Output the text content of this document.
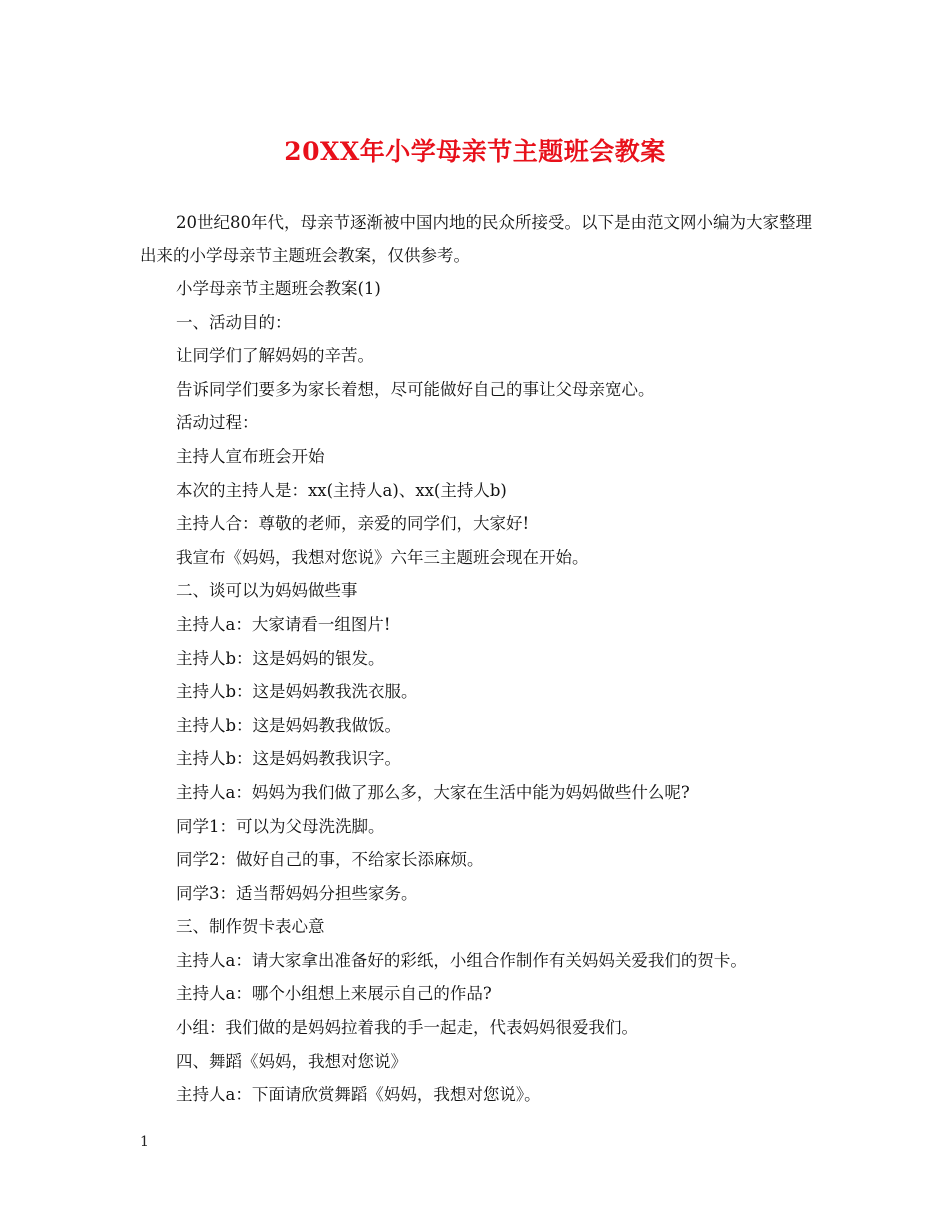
20XX年小学母亲节主题班会教案

20世纪80年代，母亲节逐渐被中国内地的民众所接受。以下是由范文网小编为大家整理出来的小学母亲节主题班会教案，仅供参考。

小学母亲节主题班会教案(1)
一、活动目的：
让同学们了解妈妈的辛苦。
告诉同学们要多为家长着想，尽可能做好自己的事让父母亲宽心。
活动过程：
主持人宣布班会开始
本次的主持人是：xx(主持人a)、xx(主持人b)
主持人合：尊敬的老师，亲爱的同学们，大家好!
我宣布《妈妈，我想对您说》六年三主题班会现在开始。
二、谈可以为妈妈做些事
主持人a：大家请看一组图片!
主持人b：这是妈妈的银发。
主持人b：这是妈妈教我洗衣服。
主持人b：这是妈妈教我做饭。
主持人b：这是妈妈教我识字。
主持人a：妈妈为我们做了那么多，大家在生活中能为妈妈做些什么呢?
同学1：可以为父母洗洗脚。
同学2：做好自己的事，不给家长添麻烦。
同学3：适当帮妈妈分担些家务。
三、制作贺卡表心意
主持人a：请大家拿出准备好的彩纸，小组合作制作有关妈妈关爱我们的贺卡。
主持人a：哪个小组想上来展示自己的作品?
小组：我们做的是妈妈拉着我的手一起走，代表妈妈很爱我们。
四、舞蹈《妈妈，我想对您说》
主持人a：下面请欣赏舞蹈《妈妈，我想对您说》。
1
